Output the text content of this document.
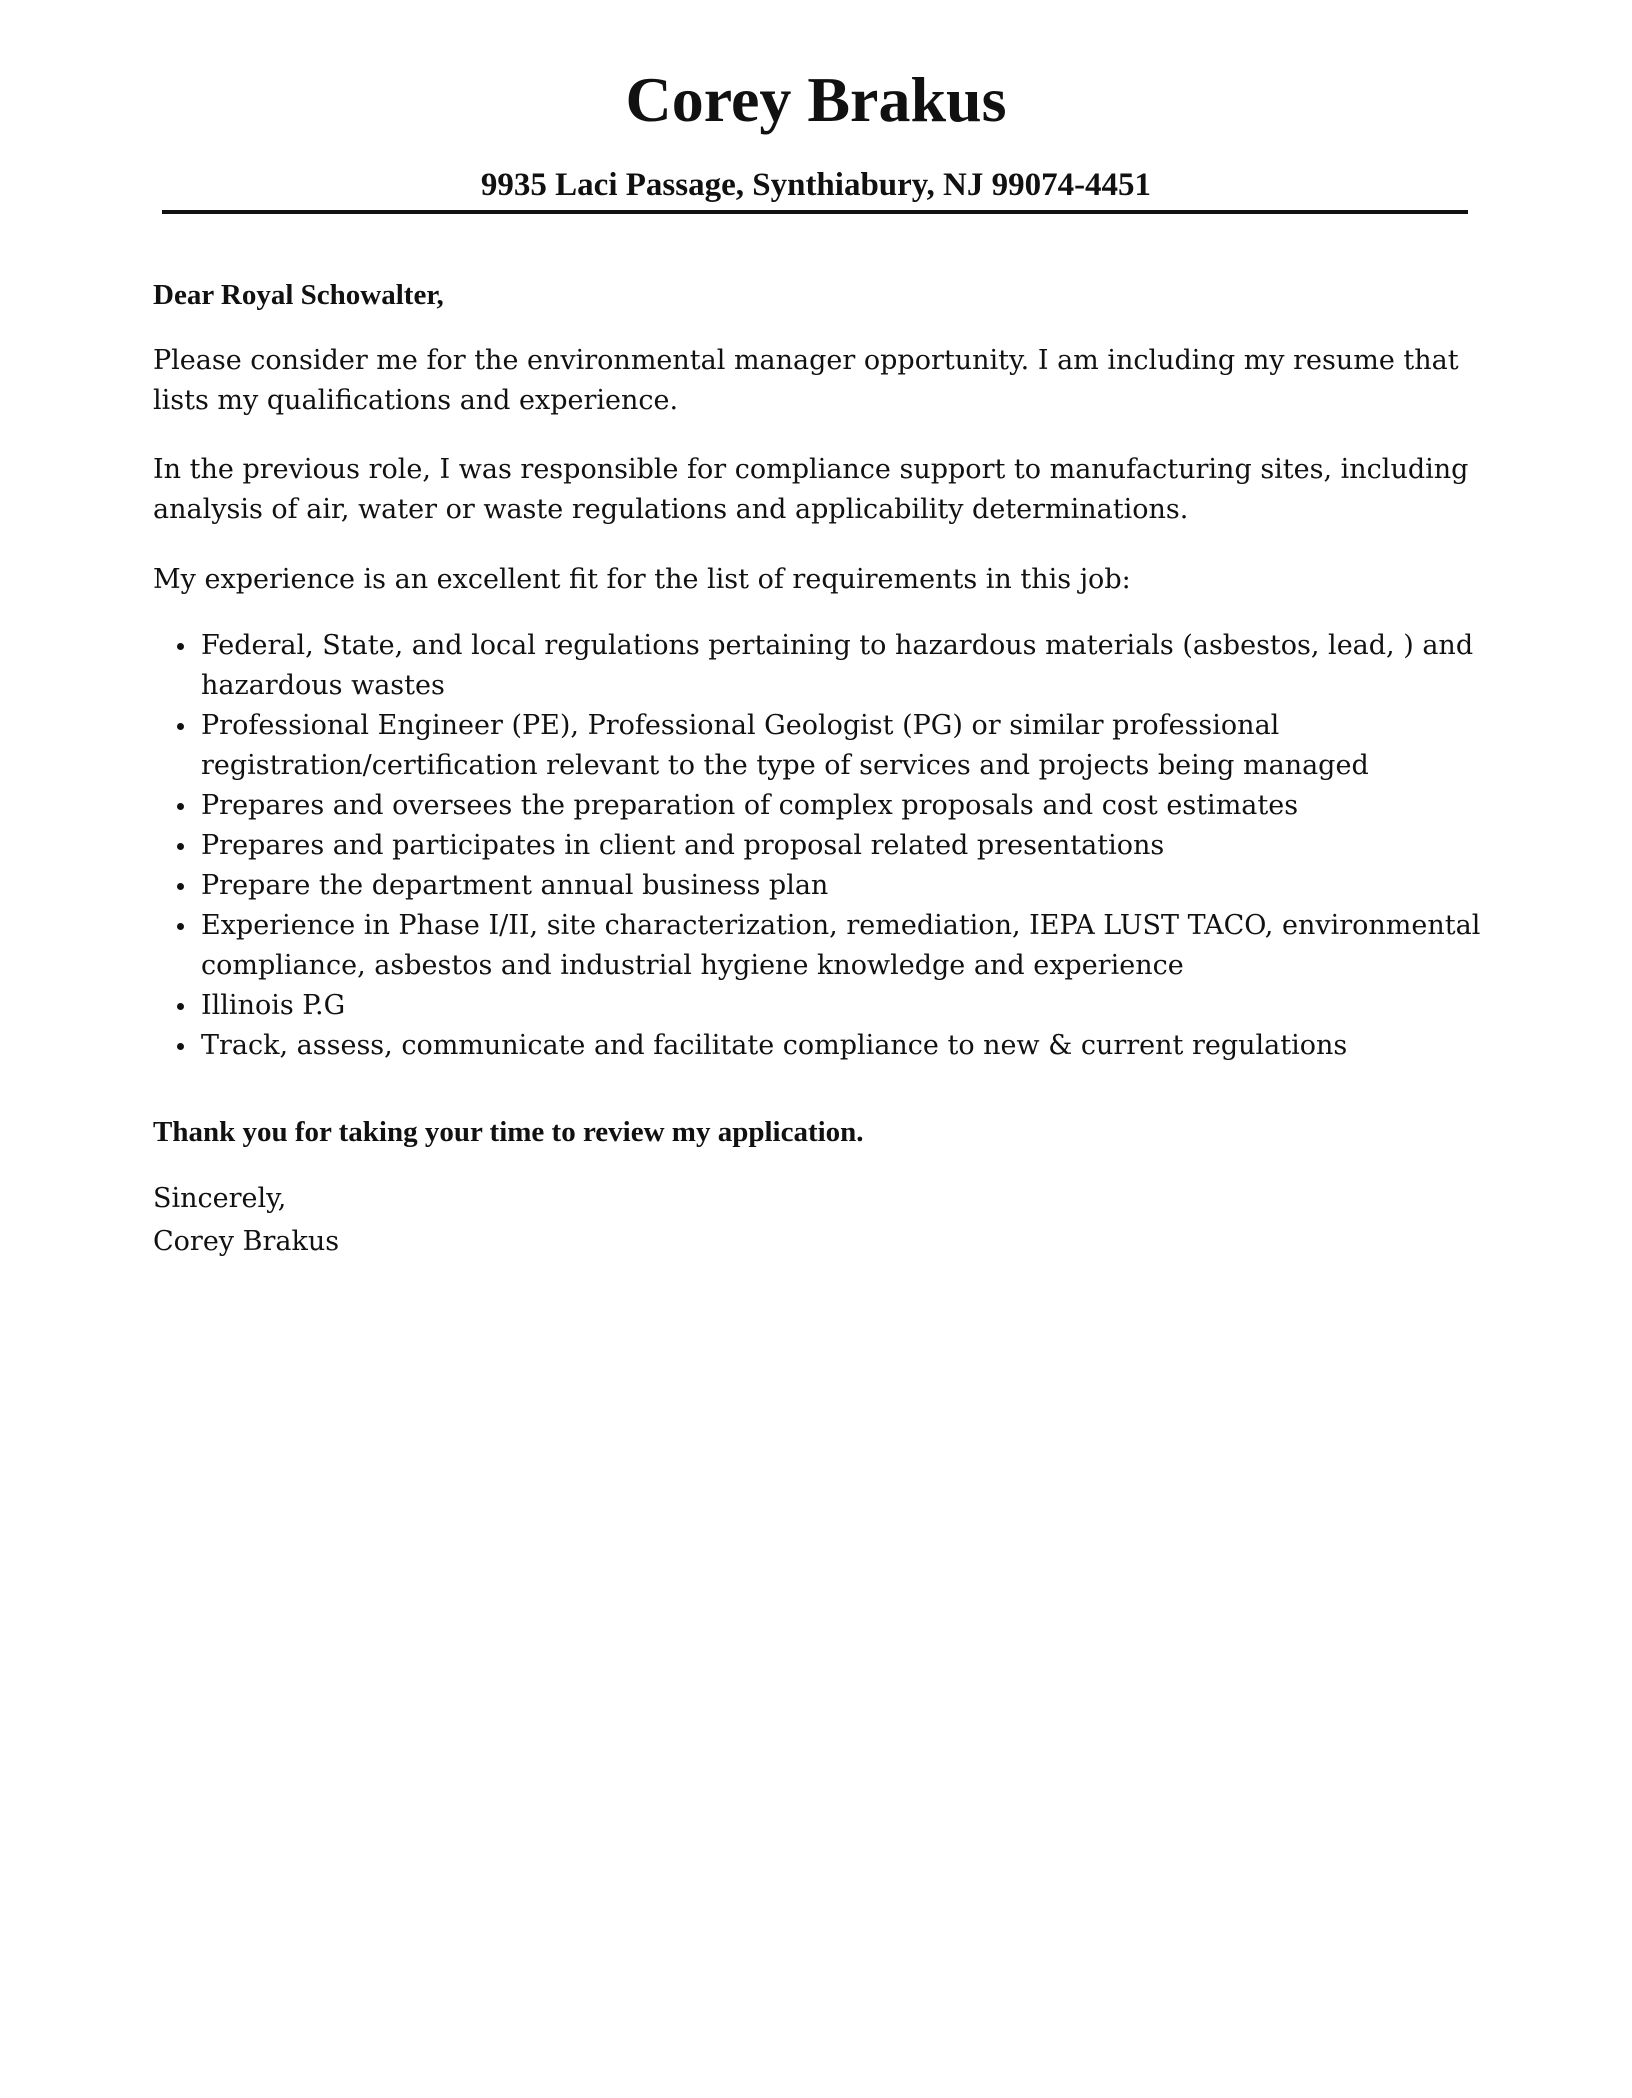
Corey Brakus
9935 Laci Passage, Synthiabury, NJ 99074-4451
Dear Royal Schowalter,
Please consider me for the environmental manager opportunity. I am including my resume that lists my qualifications and experience.
In the previous role, I was responsible for compliance support to manufacturing sites, including analysis of air, water or waste regulations and applicability determinations.
My experience is an excellent fit for the list of requirements in this job:
Federal, State, and local regulations pertaining to hazardous materials (asbestos, lead, ) and hazardous wastes
Professional Engineer (PE), Professional Geologist (PG) or similar professional registration/certification relevant to the type of services and projects being managed
Prepares and oversees the preparation of complex proposals and cost estimates
Prepares and participates in client and proposal related presentations
Prepare the department annual business plan
Experience in Phase I/II, site characterization, remediation, IEPA LUST TACO, environmental compliance, asbestos and industrial hygiene knowledge and experience
Illinois P.G
Track, assess, communicate and facilitate compliance to new & current regulations
Thank you for taking your time to review my application.
Sincerely,
Corey Brakus
